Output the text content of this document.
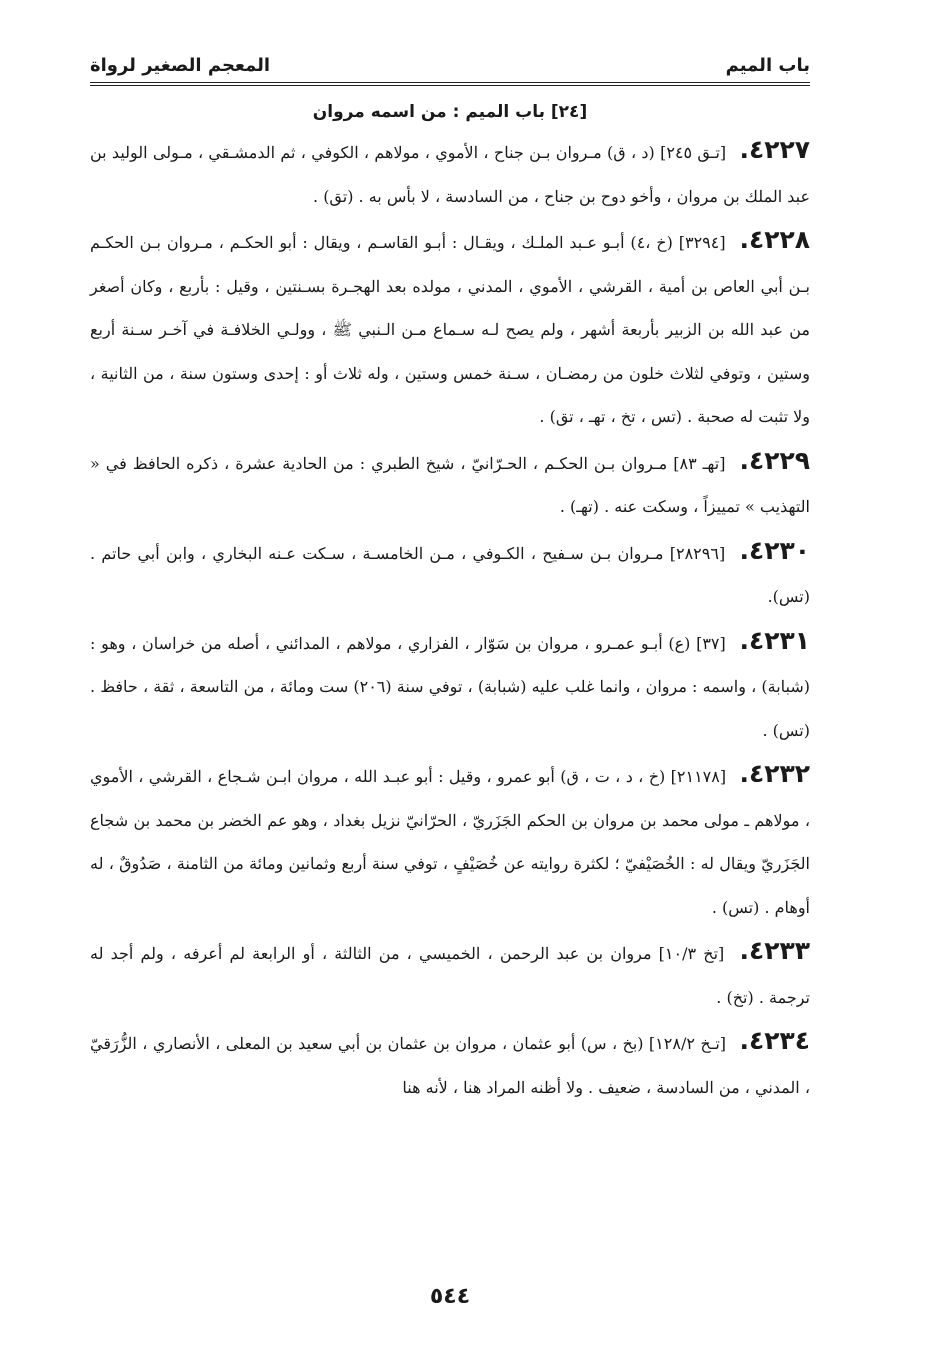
باب الميم
المعجم الصغير لرواة
[٢٤] باب الميم : من اسمه مروان

٤٢٢٧. [تـق ٢٤٥] (د ، ق) مـروان بـن جناح ، الأموي ، مولاهم ، الكوفي ، ثم الدمشـقي ، مـولى الوليد بن عبد الملك بن مروان ، وأخو دوح بن جناح ، من السادسة ، لا بأس به . (تق) .

٤٢٢٨. [٣٢٩٤] (خ ،٤) أبـو عـبد الملـك ، ويقـال : أبـو القاسـم ، ويقال : أبو الحكـم ، مـروان بـن الحكـم بـن أبي العاص بن أمية ، القرشي ، الأموي ، المدني ، مولده بعد الهجـرة بسـنتين ، وقيل : بأربع ، وكان أصغر من عبد الله بن الزبير بأربعة أشهر ، ولم يصح لـه سـماع مـن الـنبي ﷺ ، وولـي الخلافـة في آخـر سـنة أربع وستين ، وتوفي لثلاث خلون من رمضـان ، سـنة خمس وستين ، وله ثلاث أو : إحدى وستون سنة ، من الثانية ، ولا تثبت له صحبة . (تس ، تخ ، تهـ ، تق) .

٤٢٢٩. [تهـ ٨٣] مـروان بـن الحكـم ، الحـرّانيّ ، شيخ الطبري : من الحادية عشرة ، ذكره الحافظ في « التهذيب » تمييزاً ، وسكت عنه . (تهـ) .

٤٢٣٠. [٢٨٢٩٦] مـروان بـن سـفيح ، الكـوفي ، مـن الخامسـة ، سـكت عـنه البخاري ، وابن أبي حاتم . (تس).

٤٢٣١. [٣٧] (ع) أبـو عمـرو ، مروان بن سَوّار ، الفزاري ، مولاهم ، المدائني ، أصله من خراسان ، وهو : (شبابة) ، واسمه : مروان ، وانما غلب عليه (شبابة) ، توفي سنة (٢٠٦) ست ومائة ، من التاسعة ، ثقة ، حافظ . (تس) .

٤٢٣٢. [٢١١٧٨] (خ ، د ، ت ، ق) أبو عمرو ، وقيل : أبو عبـد الله ، مروان ابـن شـجاع ، القرشي ، الأموي ، مولاهم ـ مولى محمد بن مروان بن الحكم الجَزَريّ ، الحرّانيّ نزيل بغداد ، وهو عم الخضر بن محمد بن شجاع الجَزَريّ ويقال له : الخُصَيْفيّ ؛ لكثرة روايته عن خُصَيْفٍ ، توفي سنة أربع وثمانين ومائة من الثامنة ، صَدُوقٌ ، له أوهام . (تس) .

٤٢٣٣. [تخ ١٠/٣] مروان بن عبد الرحمن ، الخميسي ، من الثالثة ، أو الرابعة لم أعرفه ، ولم أجد له ترجمة . (تخ) .

٤٢٣٤. [تـخ ١٢٨/٢] (بخ ، س) أبو عثمان ، مروان بن عثمان بن أبي سعيد بن المعلى ، الأنصاري ، الزُّرَقيّ ، المدني ، من السادسة ، ضعيف . ولا أظنه المراد هنا ، لأنه هنا

٥٤٤
